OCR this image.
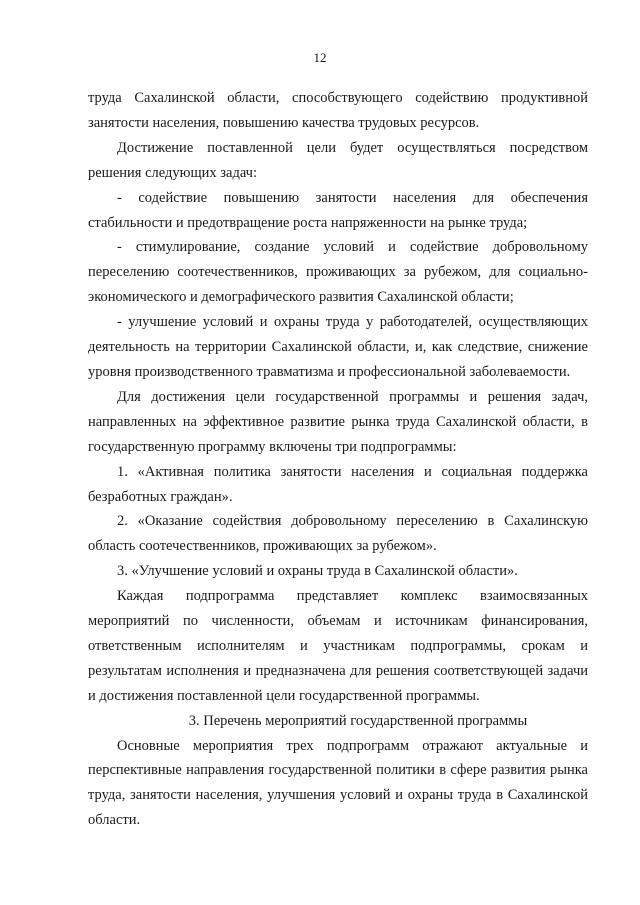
12

труда Сахалинской области, способствующего содействию продуктивной занятости населения, повышению качества трудовых ресурсов.

Достижение поставленной цели будет осуществляться посредством решения следующих задач:

- содействие повышению занятости населения для обеспечения стабильности и предотвращение роста напряженности на рынке труда;

- стимулирование, создание условий и содействие добровольному переселению соотечественников, проживающих за рубежом, для социально-экономического и демографического развития Сахалинской области;

- улучшение условий и охраны труда у работодателей, осуществляющих деятельность на территории Сахалинской области, и, как следствие, снижение уровня производственного травматизма и профессиональной заболеваемости.

Для достижения цели государственной программы и решения задач, направленных на эффективное развитие рынка труда Сахалинской области, в государственную программу включены три подпрограммы:

1. «Активная политика занятости населения и социальная поддержка безработных граждан».

2. «Оказание содействия добровольному переселению в Сахалинскую область соотечественников, проживающих за рубежом».

3. «Улучшение условий и охраны труда в Сахалинской области».

Каждая подпрограмма представляет комплекс взаимосвязанных мероприятий по численности, объемам и источникам финансирования, ответственным исполнителям и участникам подпрограммы, срокам и результатам исполнения и предназначена для решения соответствующей задачи и достижения поставленной цели государственной программы.

3. Перечень мероприятий государственной программы

Основные мероприятия трех подпрограмм отражают актуальные и перспективные направления государственной политики в сфере развития рынка труда, занятости населения, улучшения условий и охраны труда в Сахалинской области.
